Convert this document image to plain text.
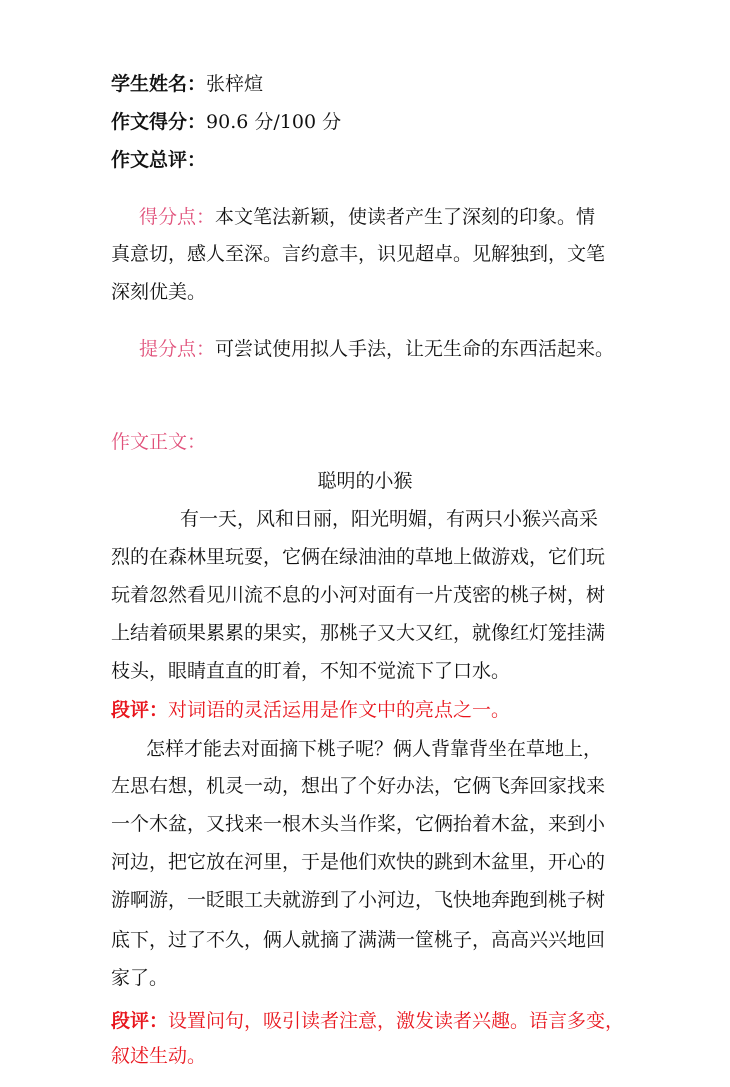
学生姓名：张梓煊
作文得分：90.6 分/100 分
作文总评：
得分点：本文笔法新颖，使读者产生了深刻的印象。情
真意切，感人至深。言约意丰，识见超卓。见解独到，文笔
深刻优美。
提分点：可尝试使用拟人手法，让无生命的东西活起来。
作文正文：
聪明的小猴
有一天，风和日丽，阳光明媚，有两只小猴兴高采
烈的在森林里玩耍，它俩在绿油油的草地上做游戏，它们玩
玩着忽然看见川流不息的小河对面有一片茂密的桃子树，树
上结着硕果累累的果实，那桃子又大又红，就像红灯笼挂满
枝头，眼睛直直的盯着，不知不觉流下了口水。
段评：对词语的灵活运用是作文中的亮点之一。
怎样才能去对面摘下桃子呢？俩人背靠背坐在草地上，
左思右想，机灵一动，想出了个好办法，它俩飞奔回家找来
一个木盆，又找来一根木头当作桨，它俩抬着木盆，来到小
河边，把它放在河里，于是他们欢快的跳到木盆里，开心的
游啊游，一眨眼工夫就游到了小河边，飞快地奔跑到桃子树
底下，过了不久，俩人就摘了满满一筐桃子，高高兴兴地回
家了。
段评：设置问句，吸引读者注意，激发读者兴趣。语言多变，
叙述生动。
